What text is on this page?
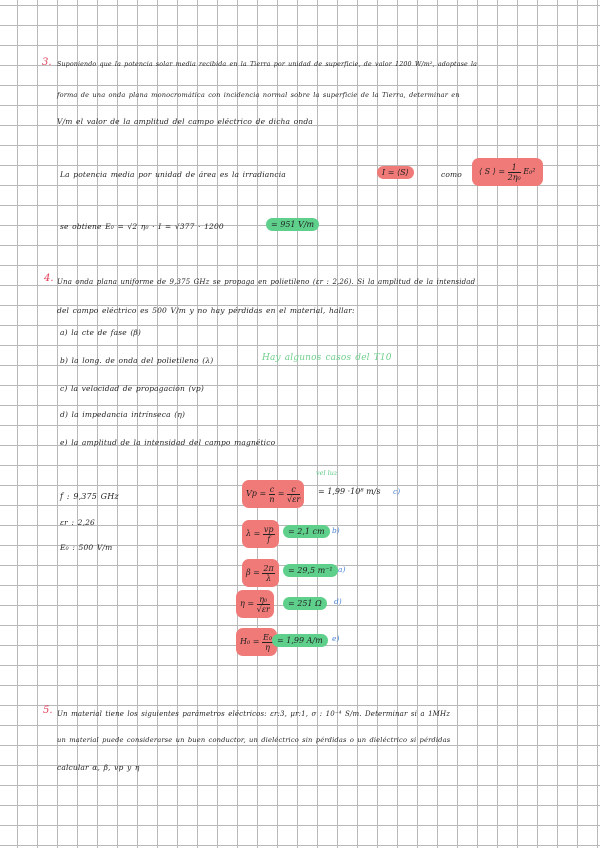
3. Suponiendo que la potencia solar media recibida en la Tierra por unidad de superficie, de valor 1200 W/m², adoptase la
forma de una onda plana monocromática con incidencia normal sobre la superficie de la Tierra, determinar en
V/m el valor de la amplitud del campo eléctrico de dicha onda
La potencia media por unidad de área es la irradiancia	I = ⟨S⟩	como	⟨ S ⟩ = $\frac{1}{\text{2η₀}} E_0^2$
se obtiene E₀ = √2 η₀ · I = √377 · 1200	= 951 V/m
4. Una onda plana uniforme de 9,375 GHz se propaga en polietileno (εr : 2,26). Si la amplitud de la intensidad
del campo eléctrico es 500 V/m y no hay pérdidas en el material, hallar:
a) la cte de fase (β)
b) la long. de onda del polietileno (λ)	Hay algunos casos del T10
c) la velocidad de propagación (vp)
d) la impedancia intrínseca (η)
e) la amplitud de la intensidad del campo magnético
f : 9,375 GHz
εr : 2,26
E₀ : 500 V/m
vel luz
$Vp = \frac{c}{n} = \frac{c}{√\varepsilon r} = 1,99 \cdot 10^8$ m/s c)
$\lambda = \frac{vp}{f}$	= 2,1 cm b)
$\beta = \frac{2\pi}{\lambda}$	= 29,5 m⁻¹ a)
$\eta = \frac{\text{η₀}}{√\varepsilon r}$	= 251 Ω	d)
$H_0 = \frac{\text{E₀}}{\eta} = 1,99$ A/m	e)
5. Un material tiene los siguientes parámetros eléctricos: εr:3, μr:1, σ : 10⁻⁴ S/m. Determinar si a 1MHz
un material puede considerarse un buen conductor, un dieléctrico sin pérdidas o un dieléctrico si pérdidas
calcular α, β, vp y η
